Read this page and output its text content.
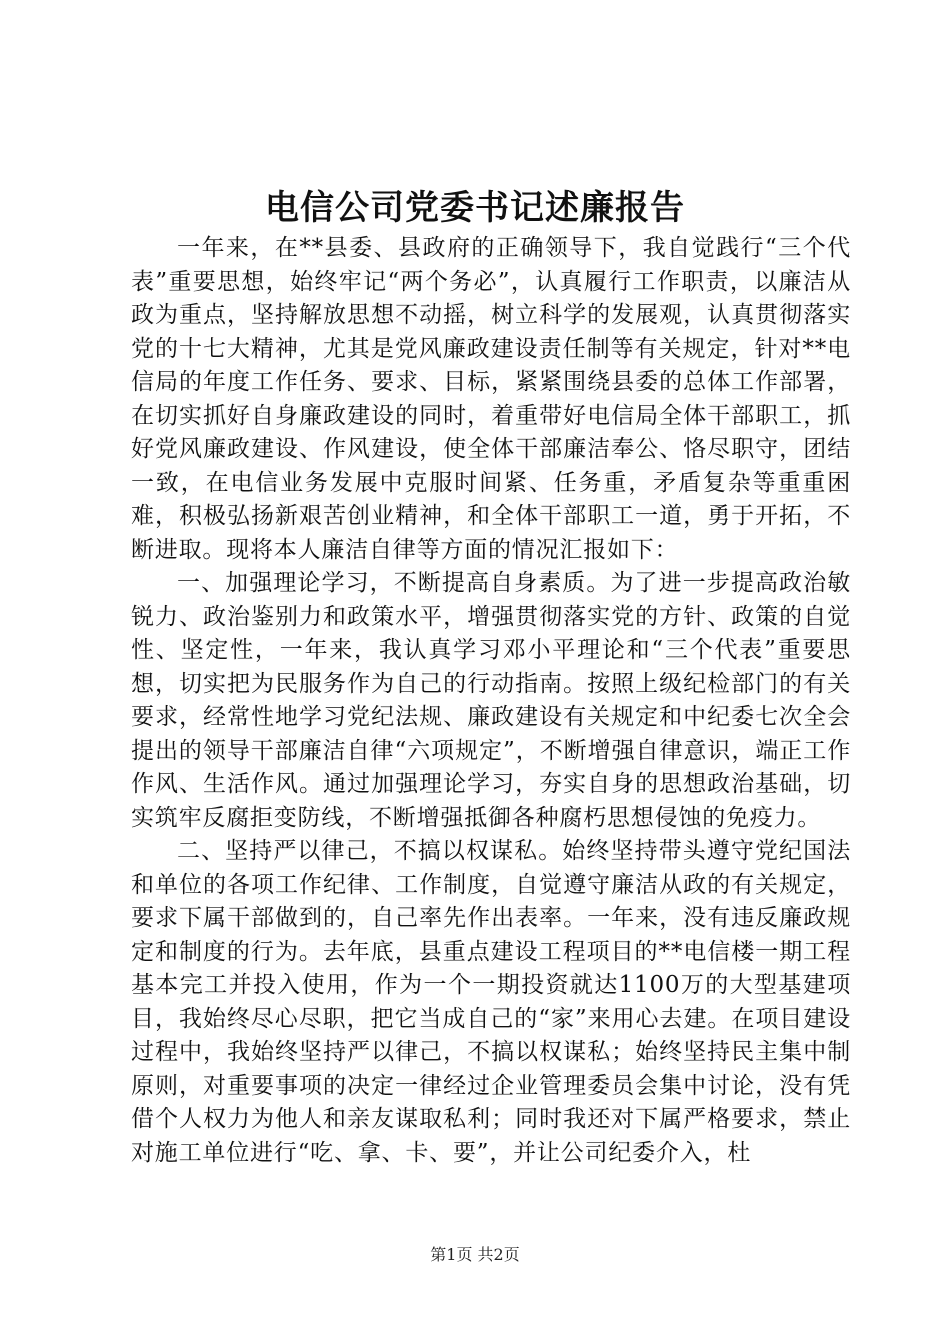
电信公司党委书记述廉报告

一年来，在**县委、县政府的正确领导下，我自觉践行“三个代表”重要思想，始终牢记“两个务必”，认真履行工作职责，以廉洁从政为重点，坚持解放思想不动摇，树立科学的发展观，认真贯彻落实党的十七大精神，尤其是党风廉政建设责任制等有关规定，针对**电信局的年度工作任务、要求、目标，紧紧围绕县委的总体工作部署，在切实抓好自身廉政建设的同时，着重带好电信局全体干部职工，抓好党风廉政建设、作风建设，使全体干部廉洁奉公、恪尽职守，团结一致，在电信业务发展中克服时间紧、任务重，矛盾复杂等重重困难，积极弘扬新艰苦创业精神，和全体干部职工一道，勇于开拓，不断进取。现将本人廉洁自律等方面的情况汇报如下：

一、加强理论学习，不断提高自身素质。为了进一步提高政治敏锐力、政治鉴别力和政策水平，增强贯彻落实党的方针、政策的自觉性、坚定性，一年来，我认真学习邓小平理论和“三个代表”重要思想，切实把为民服务作为自己的行动指南。按照上级纪检部门的有关要求，经常性地学习党纪法规、廉政建设有关规定和中纪委七次全会提出的领导干部廉洁自律“六项规定”，不断增强自律意识，端正工作作风、生活作风。通过加强理论学习，夯实自身的思想政治基础，切实筑牢反腐拒变防线，不断增强抵御各种腐朽思想侵蚀的免疫力。

二、坚持严以律己，不搞以权谋私。始终坚持带头遵守党纪国法和单位的各项工作纪律、工作制度，自觉遵守廉洁从政的有关规定，要求下属干部做到的，自己率先作出表率。一年来，没有违反廉政规定和制度的行为。去年底，县重点建设工程项目的**电信楼一期工程基本完工并投入使用，作为一个一期投资就达1100万的大型基建项目，我始终尽心尽职，把它当成自己的“家”来用心去建。在项目建设过程中，我始终坚持严以律己，不搞以权谋私；始终坚持民主集中制原则，对重要事项的决定一律经过企业管理委员会集中讨论，没有凭借个人权力为他人和亲友谋取私利；同时我还对下属严格要求，禁止对施工单位进行“吃、拿、卡、要”，并让公司纪委介入，杜

第1页 共2页
